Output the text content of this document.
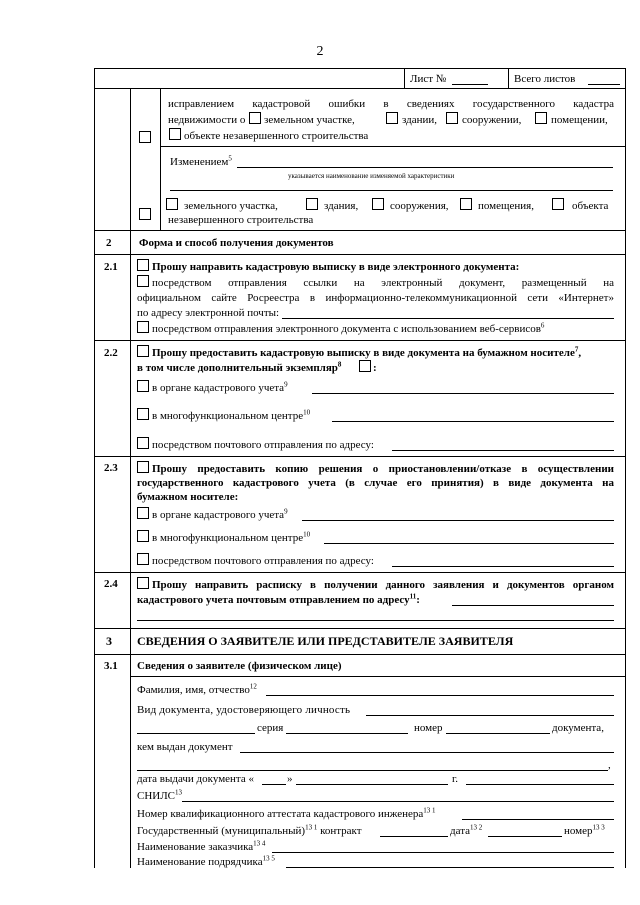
2
Лист №	Всего листов
исправлением кадастровой ошибки в сведениях государственного кадастра
недвижимости о земельном участке,	здании, сооружении,	помещении,
объекте незавершенного строительства
Изменением$^5$
указывается наименование изменяемой характеристики
земельного участка,	здания,	сооружения,	помещения,	объекта
незавершенного строительства
2	Форма и способ получения документов
2.1	Прошу направить кадастровую выписку в виде электронного документа:
посредством отправления ссылки на электронный документ, размещенный на
официальном сайте Росреестра в информационно-телекоммуникационной сети «Интернет»
по адресу электронной почты:
посредством отправления электронного документа с использованием веб-сервисов$^6$
2.2	Прошу предоставить кадастровую выписку в виде документа на бумажном носителе$^7$,
в том числе дополнительный экземпляр$^8$	:
в органе кадастрового учета$^9$
в многофункциональном центре$^{10}$
посредством почтового отправления по адресу:
2.3	Прошу предоставить копию решения о приостановлении/отказе в осуществлении
государственного кадастрового учета (в случае его принятия) в виде документа на
бумажном носителе:
в органе кадастрового учета$^9$
в многофункциональном центре$^{10}$
посредством почтового отправления по адресу:
2.4	Прошу направить расписку в получении данного заявления и документов органом
кадастрового учета почтовым отправлением по адресу$^{11}$:
3 СВЕДЕНИЯ О ЗАЯВИТЕЛЕ ИЛИ ПРЕДСТАВИТЕЛЕ ЗАЯВИТЕЛЯ
3.1 Сведения о заявителе (физическом лице)
Фамилия, имя, отчество$^{12}$
Вид документа, удостоверяющего личность
серия	номер	документа,
кем выдан документ
,
дата выдачи документа «	»	г.
СНИЛС$^{13}$
Номер квалификационного аттестата кадастрового инженера$^{13 1}$
Государственный (муниципальный)$^{13 1}$ контракт	дата$^{13 2}$	номер$^{13 3}$
Наименование заказчика$^{13 4}$
Наименование подрядчика$^{13 5}$
